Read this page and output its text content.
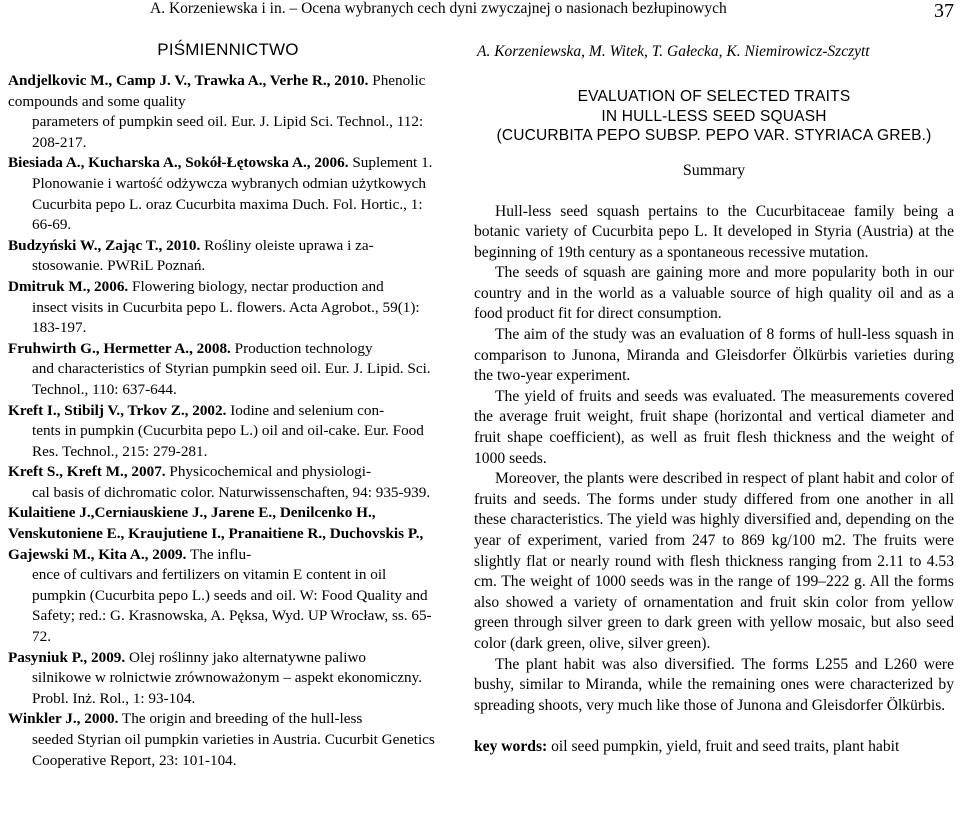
A. Korzeniewska i in. – Ocena wybranych cech dyni zwyczajnej o nasionach bezłupinowych	37
PIŚMIENNICTWO

Andjelkovic M., Camp J. V., Trawka A., Verhe R., 2010. Phenolic compounds and some quality
parameters of pumpkin seed oil. Eur. J. Lipid Sci. Technol., 112: 208-217.

Biesiada A., Kucharska A., Sokół-Łętowska A., 2006. Suplement 1.
Plonowanie i wartość odżywcza wybranych odmian użytkowych Cucurbita pepo L. oraz Cucurbita maxima Duch. Fol. Hortic., 1: 66-69.

Budzyński W., Zając T., 2010. Rośliny oleiste uprawa i za-
stosowanie. PWRiL Poznań.

Dmitruk M., 2006. Flowering biology, nectar production and
insect visits in Cucurbita pepo L. flowers. Acta Agrobot., 59(1): 183-197.

Fruhwirth G., Hermetter A., 2008. Production technology
and characteristics of Styrian pumpkin seed oil. Eur. J. Lipid. Sci. Technol., 110: 637-644.

Kreft I., Stibilj V., Trkov Z., 2002. Iodine and selenium con-
tents in pumpkin (Cucurbita pepo L.) oil and oil-cake. Eur. Food Res. Technol., 215: 279-281.

Kreft S., Kreft M., 2007. Physicochemical and physiologi-
cal basis of dichromatic color. Naturwissenschaften, 94: 935-939.

Kulaitiene J.,Cerniauskiene J., Jarene E., Denilcenko H., Venskutoniene E., Kraujutiene I., Pranaitiene R., Duchovskis P., Gajewski M., Kita A., 2009. The influ-
ence of cultivars and fertilizers on vitamin E content in oil pumpkin (Cucurbita pepo L.) seeds and oil. W: Food Quality and Safety; red.: G. Krasnowska, A. Pęksa, Wyd. UP Wrocław, ss. 65-72.

Pasyniuk P., 2009. Olej roślinny jako alternatywne paliwo
silnikowe w rolnictwie zrównoważonym – aspekt ekonomiczny. Probl. Inż. Rol., 1: 93-104.

Winkler J., 2000. The origin and breeding of the hull-less
seeded Styrian oil pumpkin varieties in Austria. Cucurbit Genetics Cooperative Report, 23: 101-104.

A. Korzeniewska, M. Witek, T. Gałecka, K. Niemirowicz-Szczytt
EVALUATION OF SELECTED TRAITS
IN HULL-LESS SEED SQUASH
(CUCURBITA PEPO SUBSP. PEPO VAR. STYRIACA GREB.)
Summary

Hull-less seed squash pertains to the Cucurbitaceae family being a botanic variety of Cucurbita pepo L. It developed in Styria (Austria) at the beginning of 19th century as a spontaneous recessive mutation.

The seeds of squash are gaining more and more popularity both in our country and in the world as a valuable source of high quality oil and as a food product fit for direct consumption.

The aim of the study was an evaluation of 8 forms of hull-less squash in comparison to Junona, Miranda and Gleisdorfer Ölkürbis varieties during the two-year experiment.

The yield of fruits and seeds was evaluated. The measurements covered the average fruit weight, fruit shape (horizontal and vertical diameter and fruit shape coefficient), as well as fruit flesh thickness and the weight of 1000 seeds.

Moreover, the plants were described in respect of plant habit and color of fruits and seeds. The forms under study differed from one another in all these characteristics. The yield was highly diversified and, depending on the year of experiment, varied from 247 to 869 kg/100 m2. The fruits were slightly flat or nearly round with flesh thickness ranging from 2.11 to 4.53 cm. The weight of 1000 seeds was in the range of 199–222 g. All the forms also showed a variety of ornamentation and fruit skin color from yellow green through silver green to dark green with yellow mosaic, but also seed color (dark green, olive, silver green).

The plant habit was also diversified. The forms L255 and L260 were bushy, similar to Miranda, while the remaining ones were characterized by spreading shoots, very much like those of Junona and Gleisdorfer Ölkürbis.

key words: oil seed pumpkin, yield, fruit and seed traits, plant habit
